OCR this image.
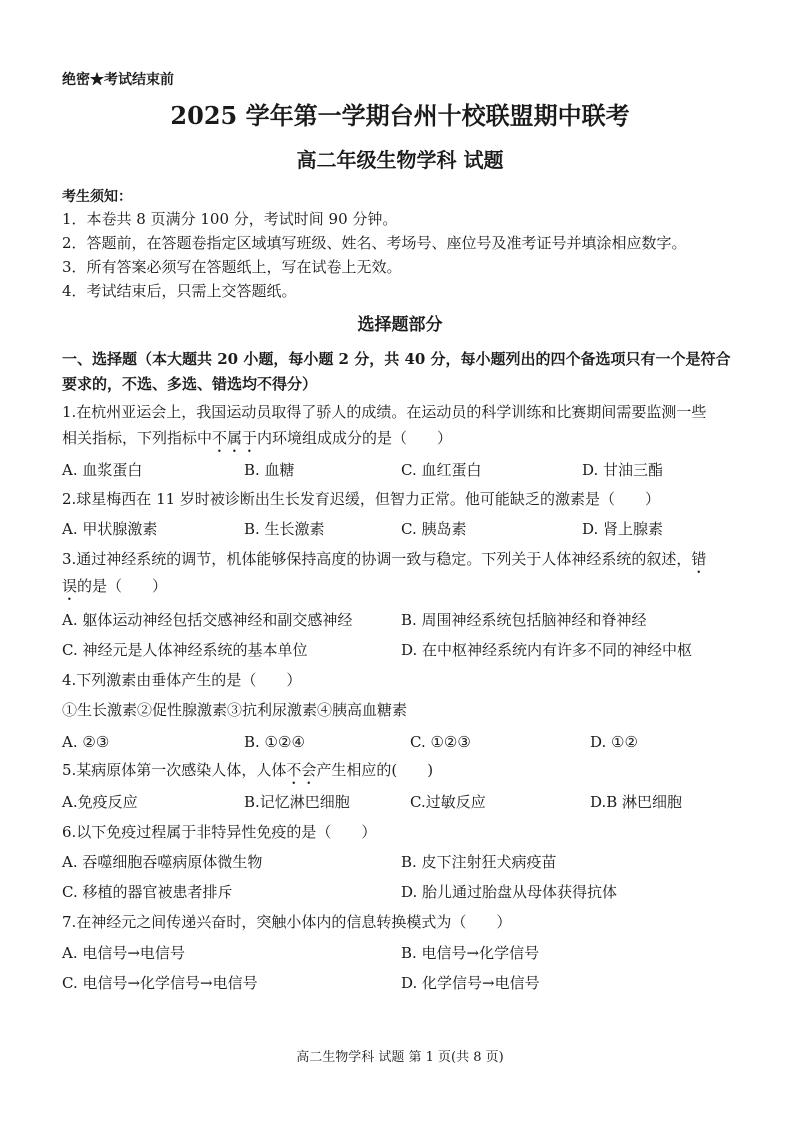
绝密★考试结束前
2025 学年第一学期台州十校联盟期中联考
高二年级生物学科 试题
考生须知：
1．本卷共 8 页满分 100 分，考试时间 90 分钟。
2．答题前，在答题卷指定区域填写班级、姓名、考场号、座位号及准考证号并填涂相应数字。
3．所有答案必须写在答题纸上，写在试卷上无效。
4．考试结束后，只需上交答题纸。
选择题部分
一、选择题（本大题共 20 小题，每小题 2 分，共 40 分，每小题列出的四个备选项只有一个是符合
要求的，不选、多选、错选均不得分）
1.在杭州亚运会上，我国运动员取得了骄人的成绩。在运动员的科学训练和比赛期间需要监测一些
相关指标，下列指标中不属于内环境组成成分的是（　　）
A. 血浆蛋白	B. 血糖	C. 血红蛋白	D. 甘油三酯
2.球星梅西在 11 岁时被诊断出生长发育迟缓，但智力正常。他可能缺乏的激素是（　　）
A. 甲状腺激素	B. 生长激素	C. 胰岛素	D. 肾上腺素
3.通过神经系统的调节，机体能够保持高度的协调一致与稳定。下列关于人体神经系统的叙述，错
误的是（　　）
A. 躯体运动神经包括交感神经和副交感神经	B. 周围神经系统包括脑神经和脊神经
C. 神经元是人体神经系统的基本单位	D. 在中枢神经系统内有许多不同的神经中枢
4.下列激素由垂体产生的是（　　）
①生长激素②促性腺激素③抗利尿激素④胰高血糖素
A. ②③	B. ①②④	C. ①②③	D. ①②
5.某病原体第一次感染人体，人体不会产生相应的(　　)
A.免疫反应	B.记忆淋巴细胞	C.过敏反应	D.B 淋巴细胞
6.以下免疫过程属于非特异性免疫的是（　　）
A. 吞噬细胞吞噬病原体微生物	B. 皮下注射狂犬病疫苗
C. 移植的器官被患者排斥	D. 胎儿通过胎盘从母体获得抗体
7.在神经元之间传递兴奋时，突触小体内的信息转换模式为（　　）
A. 电信号→电信号	B. 电信号→化学信号
C. 电信号→化学信号→电信号	D. 化学信号→电信号
高二生物学科 试题 第 1 页(共 8 页)
